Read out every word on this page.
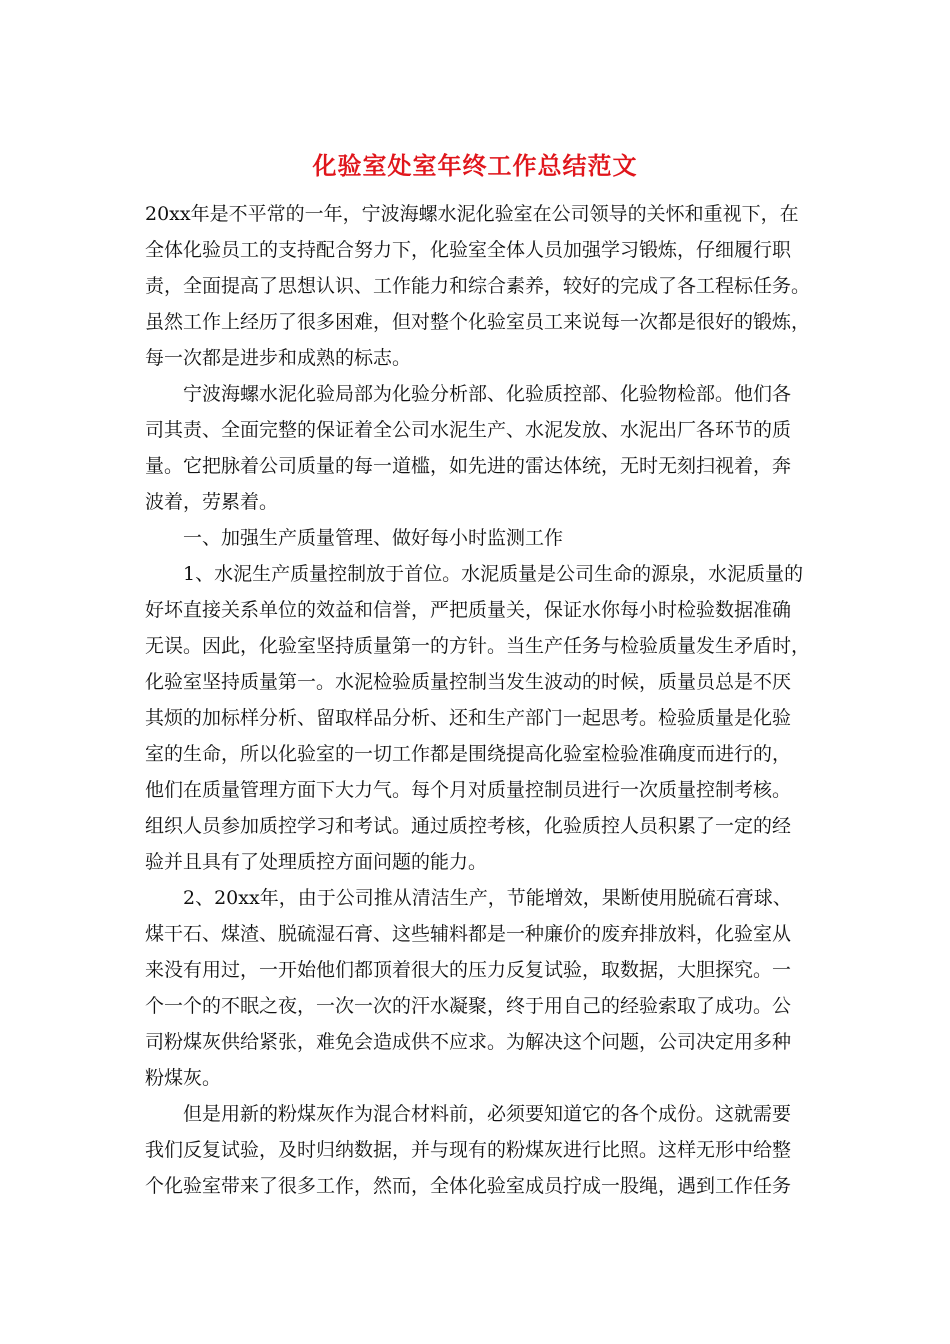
化验室处室年终工作总结范文
20xx年是不平常的一年，宁波海螺水泥化验室在公司领导的关怀和重视下，在
全体化验员工的支持配合努力下，化验室全体人员加强学习锻炼，仔细履行职
责，全面提高了思想认识、工作能力和综合素养，较好的完成了各工程标任务。
虽然工作上经历了很多困难，但对整个化验室员工来说每一次都是很好的锻炼，
每一次都是进步和成熟的标志。
宁波海螺水泥化验局部为化验分析部、化验质控部、化验物检部。他们各
司其责、全面完整的保证着全公司水泥生产、水泥发放、水泥出厂各环节的质
量。它把脉着公司质量的每一道槛，如先进的雷达体统，无时无刻扫视着，奔
波着，劳累着。
一、加强生产质量管理、做好每小时监测工作
1、水泥生产质量控制放于首位。水泥质量是公司生命的源泉，水泥质量的
好坏直接关系单位的效益和信誉，严把质量关，保证水你每小时检验数据准确
无误。因此，化验室坚持质量第一的方针。当生产任务与检验质量发生矛盾时，
化验室坚持质量第一。水泥检验质量控制当发生波动的时候，质量员总是不厌
其烦的加标样分析、留取样品分析、还和生产部门一起思考。检验质量是化验
室的生命，所以化验室的一切工作都是围绕提高化验室检验准确度而进行的，
他们在质量管理方面下大力气。每个月对质量控制员进行一次质量控制考核。
组织人员参加质控学习和考试。通过质控考核，化验质控人员积累了一定的经
验并且具有了处理质控方面问题的能力。
2、20xx年，由于公司推从清洁生产，节能增效，果断使用脱硫石膏球、
煤干石、煤渣、脱硫湿石膏、这些辅料都是一种廉价的废弃排放料，化验室从
来没有用过，一开始他们都顶着很大的压力反复试验，取数据，大胆探究。一
个一个的不眠之夜，一次一次的汗水凝聚，终于用自己的经验索取了成功。公
司粉煤灰供给紧张，难免会造成供不应求。为解决这个问题，公司决定用多种
粉煤灰。
但是用新的粉煤灰作为混合材料前，必须要知道它的各个成份。这就需要
我们反复试验，及时归纳数据，并与现有的粉煤灰进行比照。这样无形中给整
个化验室带来了很多工作，然而，全体化验室成员拧成一股绳，遇到工作任务
